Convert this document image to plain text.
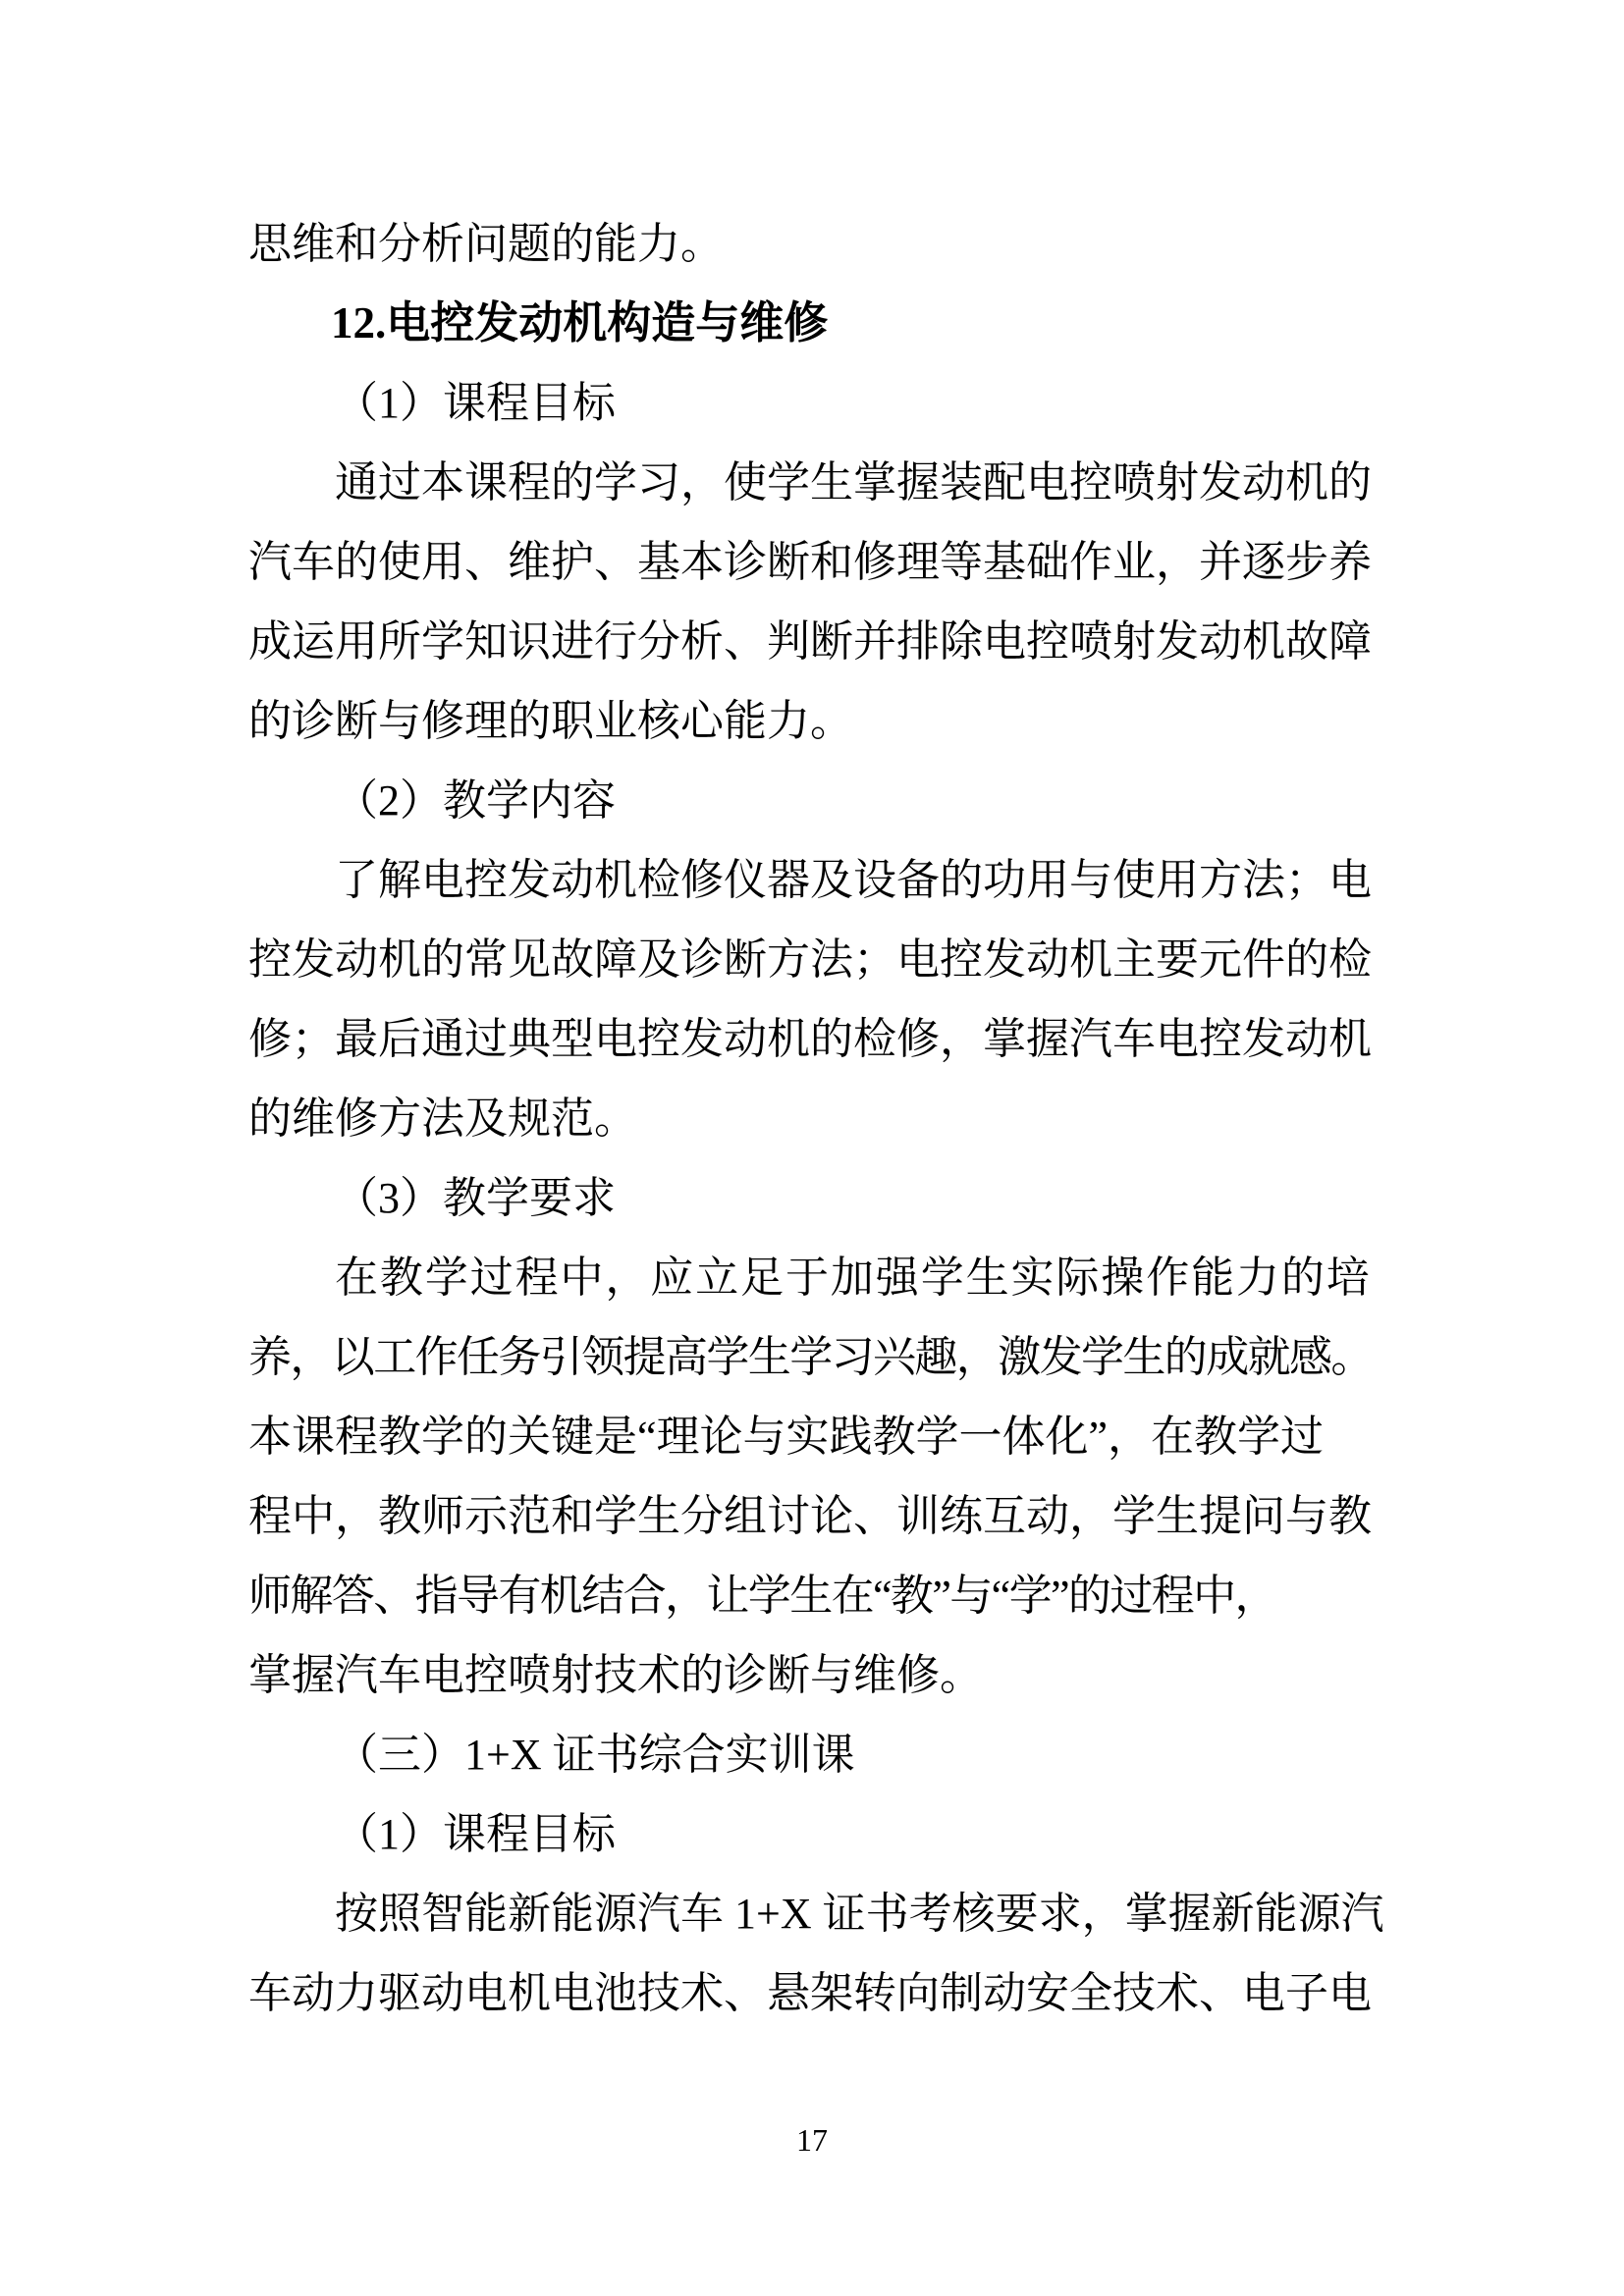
思维和分析问题的能力。
12.电控发动机构造与维修
（1）课程目标
通过本课程的学习，使学生掌握装配电控喷射发动机的
汽车的使用、维护、基本诊断和修理等基础作业，并逐步养
成运用所学知识进行分析、判断并排除电控喷射发动机故障
的诊断与修理的职业核心能力。
（2）教学内容
了解电控发动机检修仪器及设备的功用与使用方法；电
控发动机的常见故障及诊断方法；电控发动机主要元件的检
修；最后通过典型电控发动机的检修，掌握汽车电控发动机
的维修方法及规范。
（3）教学要求
在教学过程中，应立足于加强学生实际操作能力的培
养，以工作任务引领提高学生学习兴趣，激发学生的成就感。
本课程教学的关键是“理论与实践教学一体化”，在教学过
程中，教师示范和学生分组讨论、训练互动，学生提问与教
师解答、指导有机结合，让学生在“教”与“学”的过程中，
掌握汽车电控喷射技术的诊断与维修。
（三）1+X 证书综合实训课
（1）课程目标
按照智能新能源汽车 1+X 证书考核要求，掌握新能源汽
车动力驱动电机电池技术、悬架转向制动安全技术、电子电
17
